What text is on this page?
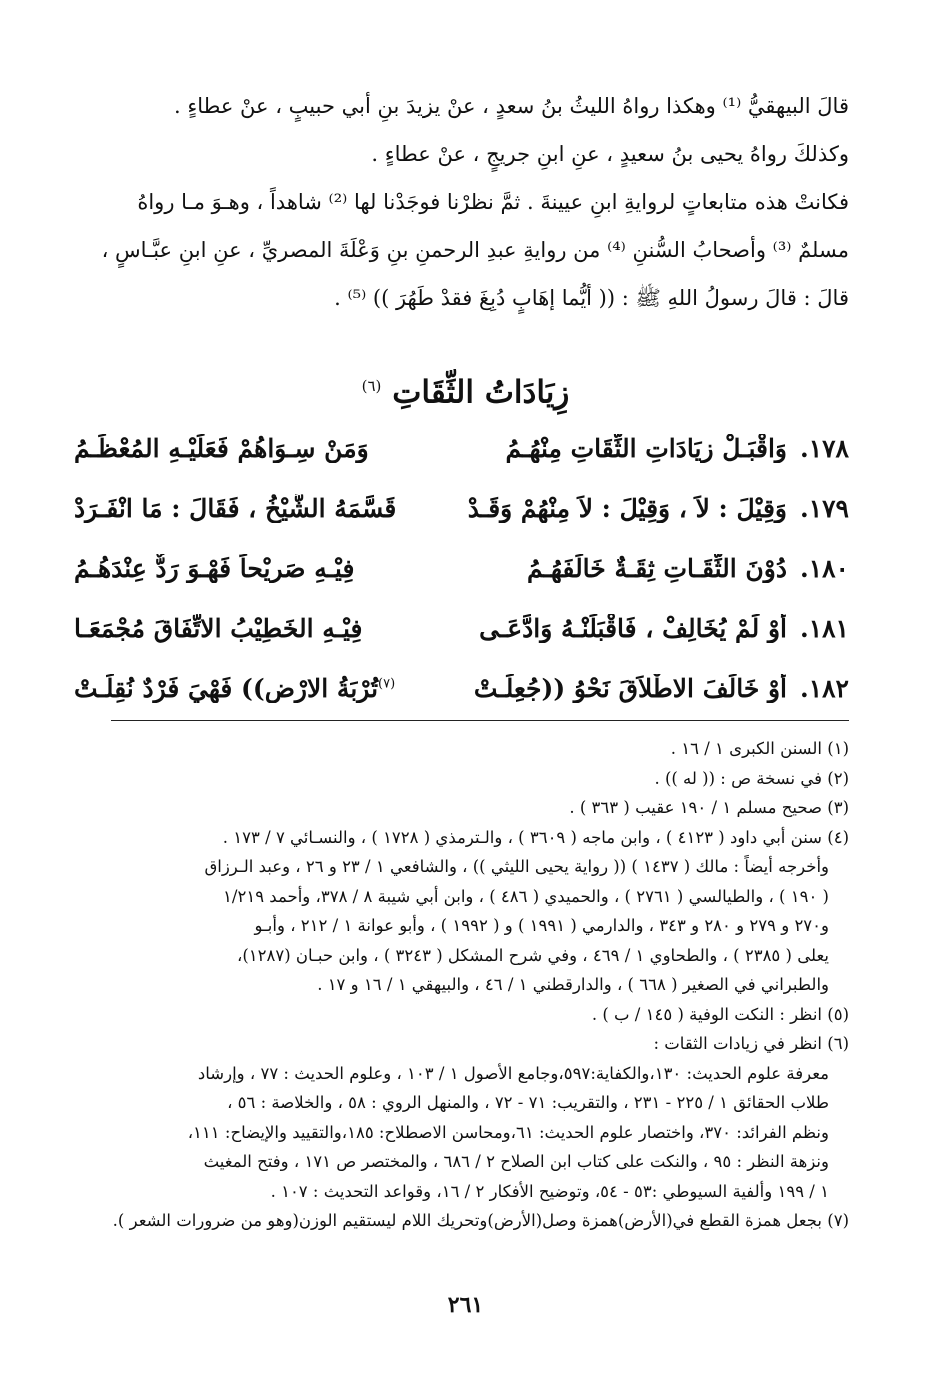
قالَ البيهقيُّ ⁽¹⁾ وهكذا رواهُ الليثُ بنُ سعدٍ ، عنْ يزيدَ بنِ أبي حبيبٍ ، عنْ عطاءٍ .
وكذلكَ رواهُ يحيى بنُ سعيدٍ ، عنِ ابنِ جريجٍ ، عنْ عطاءٍ .
فكانتْ هذه متابعاتٍ لروايةِ ابنِ عيينةَ . ثمَّ نظرْنا فوجَدْنا لها ⁽²⁾ شاهداً ، وهـوَ مـا رواهُ
مسلمٌ ⁽³⁾ وأصحابُ السُّننِ ⁽⁴⁾ من روايةِ عبدِ الرحمنِ بنِ وَعْلَةَ المصريِّ ، عنِ ابنِ عبَّـاسٍ ،
قالَ : قالَ رسولُ اللهِ ﷺ : (( أيُّما إهَابٍ دُبِغَ فقدْ طَهُرَ )) ⁽⁵⁾ .
زِيَادَاتُ الثِّقَاتِ $^{(٦)}$
١٧٨.
وَاقْبَـلْ زِيَادَاتِ الثِّقَاتِ مِنْهُـمُ
وَمَنْ سِـوَاهُمْ فَعَلَيْـهِ المُعْظَـمُ
١٧٩.
وَقِيْلَ : لاَ ، وَقِيْلَ : لاَ مِنْهُمْ وَقَـدْ
قَسَّمَهُ الشَّيْخُ ، فَقَالَ : مَا انْفَـرَدْ
١٨٠.
دُوْنَ الثِّقَـاتِ ثِقَـةٌ خَالَفَهُـمُ
فِيْـهِ صَرِيْحاً فَهْـوَ رَدٌّ عِنْدَهُـمُ
١٨١.
أَوْ لَمْ يُخَالِفْ ، فَاقْبَلَنْـهُ وَادَّعَـى
فِيْـهِ الخَطِيْبُ الاتِّفَاقَ مُجْمَعَـا
١٨٢.
أَوْ خَالَفَ الاطْلاَقَ نَحْوُ ((جُعِلَـتْ
$^{(٧)}$تُرْبَةُ الارْضِ)) فَهْيَ فَرْدٌ نُقِلَـتْ
(١) السنن الكبرى ١ / ١٦ .
(٢) في نسخة ص : (( له )) .
(٣) صحيح مسلم ١ / ١٩٠ عقيب ( ٣٦٣ ) .
(٤) سنن أبي داود ( ٤١٢٣ ) ، وابن ماجه ( ٣٦٠٩ ) ، والـترمذي ( ١٧٢٨ ) ، والنسـائي ٧ / ١٧٣ .
وأخرجه أيضاً : مالك ( ١٤٣٧ ) (( رواية يحيى الليثي )) ، والشافعي ١ / ٢٣ و ٢٦ ، وعبد الـرزاق
( ١٩٠ ) ، والطيالسي ( ٢٧٦١ ) ، والحميدي ( ٤٨٦ ) ، وابن أبي شيبة ٨ / ٣٧٨، وأحمد ١/٢١٩
و٢٧٠ و ٢٧٩ و ٢٨٠ و ٣٤٣ ، والدارمي ( ١٩٩١ ) و ( ١٩٩٢ ) ، وأبو عوانة ١ / ٢١٢ ، وأبـو
يعلى ( ٢٣٨٥ ) ، والطحاوي ١ / ٤٦٩ ، وفي شرح المشكل ( ٣٢٤٣ ) ، وابن حبـان (١٢٨٧)،
والطبراني في الصغير ( ٦٦٨ ) ، والدارقطني ١ / ٤٦ ، والبيهقي ١ / ١٦ و ١٧ .
(٥) انظر : النكت الوفية ( ١٤٥ / ب ) .
(٦) انظر في زيادات الثقات :
معرفة علوم الحديث: ١٣٠،والكفاية:٥٩٧،وجامع الأصول ١ / ١٠٣ ، وعلوم الحديث : ٧٧ ، وإرشاد
طلاب الحقائق ١ / ٢٢٥ - ٢٣١ ، والتقريب: ٧١ - ٧٢ ، والمنهل الروي : ٥٨ ، والخلاصة : ٥٦ ،
ونظم الفرائد: ٣٧٠، واختصار علوم الحديث: ٦١،ومحاسن الاصطلاح: ١٨٥،والتقييد والإيضاح: ١١١،
ونزهة النظر : ٩٥ ، والنكت على كتاب ابن الصلاح ٢ / ٦٨٦ ، والمختصر ص ١٧١ ، وفتح المغيث
١ / ١٩٩ وألفية السيوطي :٥٣ - ٥٤، وتوضيح الأفكار ٢ / ١٦، وقواعد التحديث : ١٠٧ .
(٧) بجعل همزة القطع في(الأرض)همزة وصل(الأرض)وتحريك اللام ليستقيم الوزن(وهو من ضرورات الشعر ).
٢٦١
